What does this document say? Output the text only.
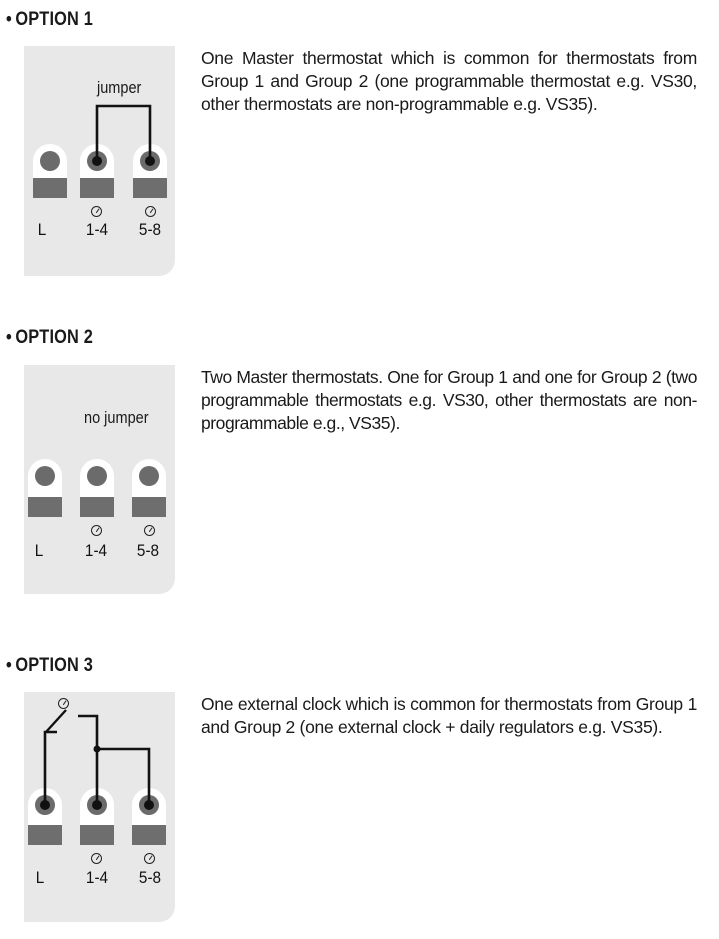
• OPTION 1
jumper
L	1-4	5-8
One Master thermostat which is common for thermostats from Group 1 and Group 2 (one programmable thermostat e.g. VS30, other thermostats are non-programmable e.g. VS35).
• OPTION 2
no jumper
L	1-4	5-8
Two Master thermostats. One for Group 1 and one for Group 2 (two programmable thermostats e.g. VS30, other thermostats are non-programmable e.g., VS35).
• OPTION 3
L	1-4	5-8
One external clock which is common for thermostats from Group 1 and Group 2 (one external clock + daily regulators e.g. VS35).
